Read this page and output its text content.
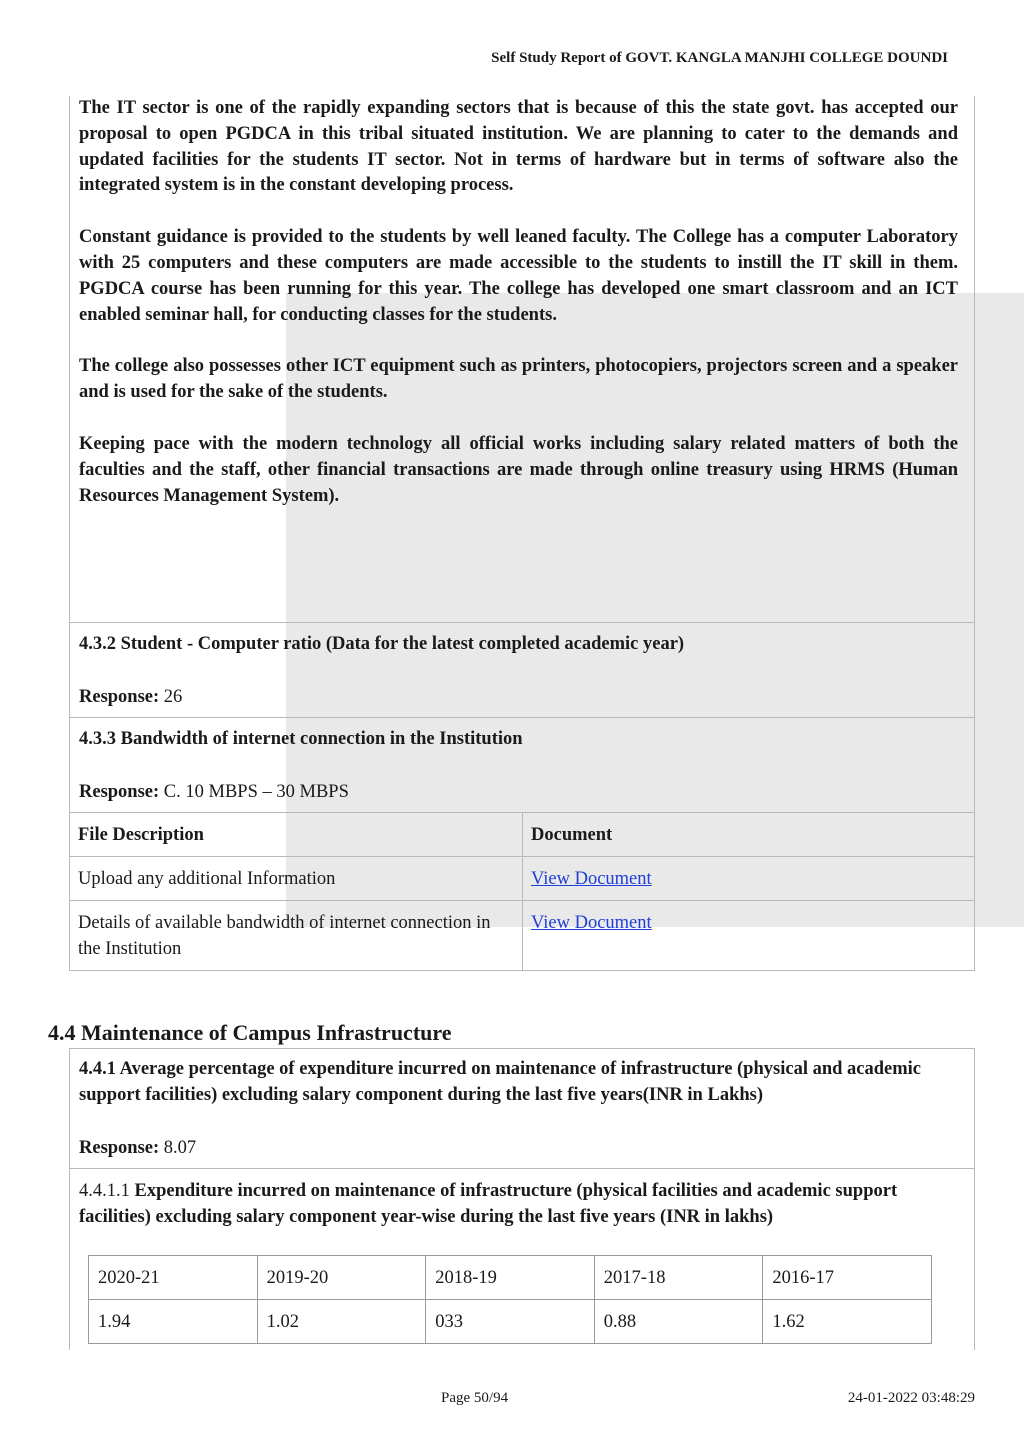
Self Study Report of GOVT. KANGLA MANJHI COLLEGE DOUNDI

The IT sector is one of the rapidly expanding sectors that is because of this the state govt. has accepted our proposal to open PGDCA in this tribal situated institution. We are planning to cater to the demands and updated facilities for the students IT sector. Not in terms of hardware but in terms of software also the integrated system is in the constant developing process.

Constant guidance is provided to the students by well leaned faculty. The College has a computer Laboratory with 25 computers and these computers are made accessible to the students to instill the IT skill in them. PGDCA course has been running for this year. The college has developed one smart classroom and an ICT enabled seminar hall, for conducting classes for the students.

The college also possesses other ICT equipment such as printers, photocopiers, projectors screen and a speaker and is used for the sake of the students.

Keeping pace with the modern technology all official works including salary related matters of both the faculties and the staff, other financial transactions are made through online treasury using HRMS (Human Resources Management System).

4.3.2 Student - Computer ratio (Data for the latest completed academic year)
Response: 26
4.3.3 Bandwidth of internet connection in the Institution
Response: C. 10 MBPS – 30 MBPS
File Description	Document
Upload any additional Information	View Document
Details of available bandwidth of internet connection in the Institution	View Document
4.4 Maintenance of Campus Infrastructure
4.4.1 Average percentage of expenditure incurred on maintenance of infrastructure (physical and academic support facilities) excluding salary component during the last five years(INR in Lakhs)
Response: 8.07
4.4.1.1 Expenditure incurred on maintenance of infrastructure (physical facilities and academic support facilities) excluding salary component year-wise during the last five years (INR in lakhs)
2020-21	2019-20	2018-19	2017-18	2016-17
1.94	1.02	033	0.88	1.62
Page 50/94	24-01-2022 03:48:29
